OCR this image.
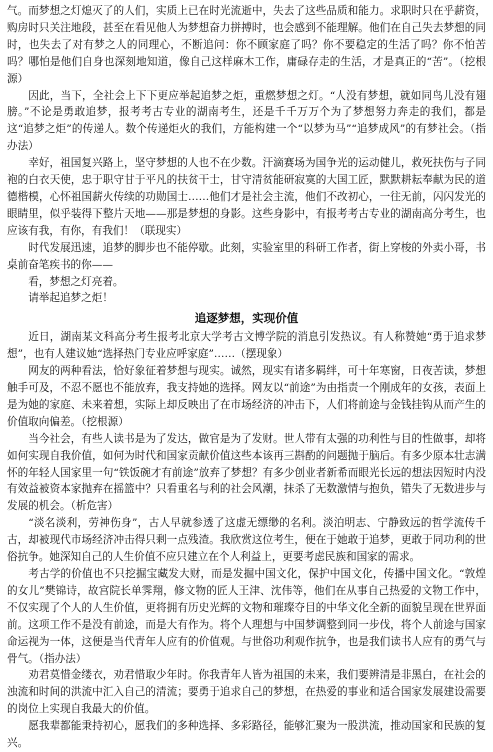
气。而梦想之灯熄灭了的人们，实质上已在时光流逝中，失去了这些品质和能力。求职时只在乎薪资，购房时只关注地段，甚至在看见他人为梦想奋力拼搏时，也会感到不能理解。他们在自己失去梦想的同时，也失去了对有梦之人的同理心，不断追问：你不顾家庭了吗？你不要稳定的生活了吗？你不怕苦吗？哪怕是他们自身也深刻地知道，像自己这样麻木工作，庸碌存走的生活，才是真正的“苦”。（挖根源）

因此，当下，全社会上下下更应举起追梦之炬，重燃梦想之灯。“人没有梦想，就如同鸟儿没有翅膀。”不论是勇敢追梦，报考考古专业的湖南考生，还是千千万万个为了梦想努力奔走的我们，都是这“追梦之炬”的传递人。数个传递炬火的我们，方能构建一个“以梦为马”“追梦成风”的有梦社会。（指办法）

幸好，祖国复兴路上，坚守梦想的人也不在少数。汗滴赛场为国争光的运动健儿，救死扶伤与子同袍的白衣天使，忠于职守甘于平凡的扶贫干士，甘守清贫能研寂寞的大国工匠，默默耕耘奉献为民的道德楷模，心怀祖国薪火传续的功勋国士……他们才是社会主流，他们不改初心，一往无前，闪闪发光的眼睛里，似乎装得下整片天地——那是梦想的身影。这些身影中，有报考考古专业的湖南高分考生，也应该有我，有你，有我们！（联现实）

时代发展迅速，追梦的脚步也不能停歇。此刻，实验室里的科研工作者，街上穿梭的外卖小哥，书桌前奋笔疾书的你——

看，梦想之灯亮着。

请举起追梦之炬！

追逐梦想，实现价值

近日，湖南某文科高分考生报考北京大学考古文博学院的消息引发热议。有人称赞她“勇于追求梦想”，也有人建议她“选择热门专业应呼家庭”……（摆现象）

网友的两种看法，恰好象征着梦想与现实。诚然，现实有诸多羁绊，可十年寒窗，日夜苦读，梦想触手可及，不忍不愿也不能放弃，我支持她的选择。网友以“前途”为由指责一个刚成年的女孩，表面上是为她的家庭、未来着想，实际上却反映出了在市场经济的冲击下，人们将前途与金钱挂钩从而产生的价值取向偏差。（挖根源）

当今社会，有些人读书是为了发达，做官是为了发财。世人带有太强的功利性与目的性做事，却将如何实现自我价值，如何为时代和国家贡献价值这些本该再三斟酌的问题抛于脑后。有多少原本壮志满怀的年轻人国家里一句“铁饭碗才有前途”放弃了梦想？有多少创业者新希而眼光长远的想法因短时内没有效益被资本家抛弃在摇篮中？只看重名与利的社会风潮，抹杀了无数激情与抱负，错失了无数进步与发展的机会。（析危害）

“淡名淡利，劳神伤身”，古人早就参透了这虚无缥缈的名利。淡泊明志、宁静致远的哲学流传千古，却被现代市场经济冲击得只剩一点残渣。我欣赏这位考生，便在于她敢于追梦，更敢于同功利的世俗抗争。她深知自己的人生价值不应只建立在个人利益上，更要考虑民族和国家的需求。

考古学的价值也不只挖掘宝藏发大财，而是发掘中国文化，保护中国文化，传播中国文化。“敦煌的女儿”樊锦诗，故宫院长单霁翔，修文物的匠人王津、沈伟等，他们在从事自己热爱的文物工作中，不仅实现了个人的人生价值，更将拥有历史光辉的文物和璀璨夺目的中华文化全新的面貌呈现在世界面前。这项工作不是没有前途，而是大有作为。将个人理想与中国梦调整到同一步伐，将个人前途与国家命运视为一体，这便是当代青年人应有的价值观。与世俗功利观作抗争，也是我们读书人应有的勇气与骨气。（指办法）

劝君莫惜金缕衣，劝君惜取少年时。你我青年人皆为祖国的未来，我们要辨清是非黑白，在社会的浊流和时间的洪流中汇入自己的清流；要勇于追求自己的梦想，在热爱的事业和适合国家发展建设需要的岗位上实现自我最大的价值。

愿我辈都能秉持初心，愿我们的多种选择、多彩路径，能够汇聚为一股洪流，推动国家和民族的复兴。
